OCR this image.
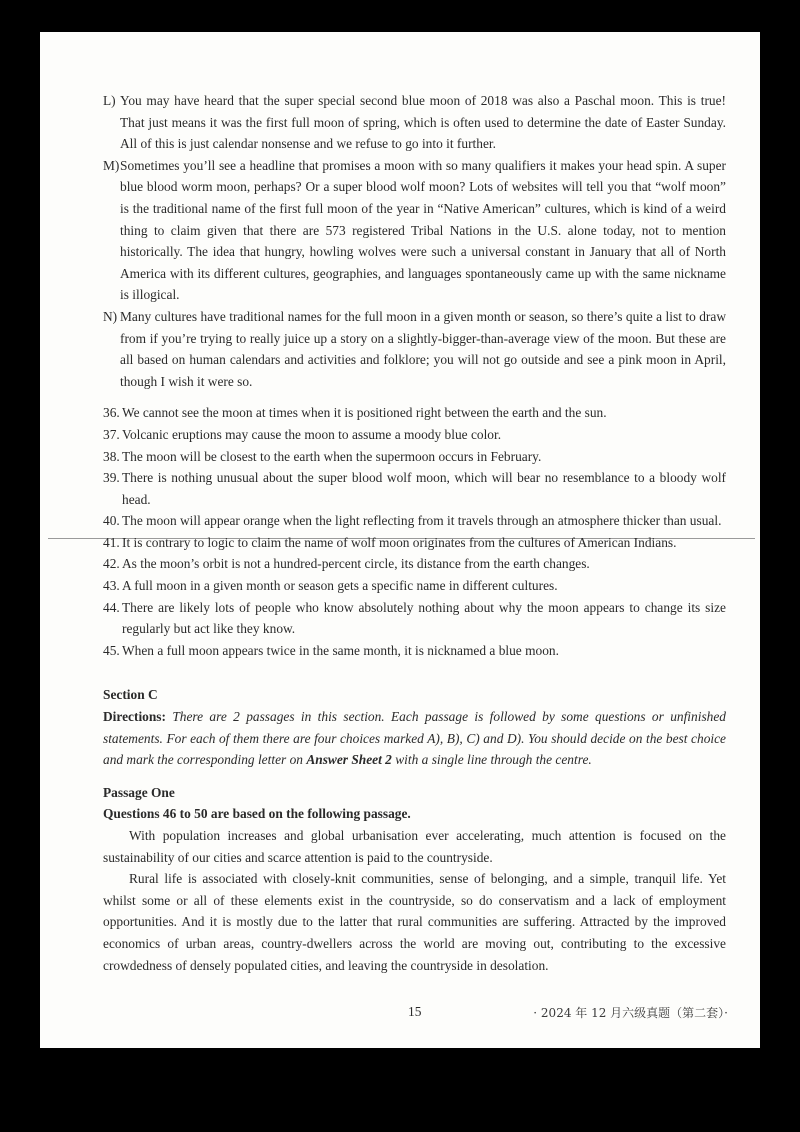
L) You may have heard that the super special second blue moon of 2018 was also a Paschal moon. This is true! That just means it was the first full moon of spring, which is often used to determine the date of Easter Sunday. All of this is just calendar nonsense and we refuse to go into it further.
M) Sometimes you’ll see a headline that promises a moon with so many qualifiers it makes your head spin. A super blue blood worm moon, perhaps? Or a super blood wolf moon? Lots of websites will tell you that “wolf moon” is the traditional name of the first full moon of the year in “Native American” cultures, which is kind of a weird thing to claim given that there are 573 registered Tribal Nations in the U.S. alone today, not to mention historically. The idea that hungry, howling wolves were such a universal constant in January that all of North America with its different cultures, geographies, and languages spontaneously came up with the same nickname is illogical.
N) Many cultures have traditional names for the full moon in a given month or season, so there’s quite a list to draw from if you’re trying to really juice up a story on a slightly-bigger-than-average view of the moon. But these are all based on human calendars and activities and folklore; you will not go outside and see a pink moon in April, though I wish it were so.
36. We cannot see the moon at times when it is positioned right between the earth and the sun.
37. Volcanic eruptions may cause the moon to assume a moody blue color.
38. The moon will be closest to the earth when the supermoon occurs in February.
39. There is nothing unusual about the super blood wolf moon, which will bear no resemblance to a bloody wolf head.
40. The moon will appear orange when the light reflecting from it travels through an atmosphere thicker than usual.
41. It is contrary to logic to claim the name of wolf moon originates from the cultures of American Indians.
42. As the moon’s orbit is not a hundred-percent circle, its distance from the earth changes.
43. A full moon in a given month or season gets a specific name in different cultures.
44. There are likely lots of people who know absolutely nothing about why the moon appears to change its size regularly but act like they know.
45. When a full moon appears twice in the same month, it is nicknamed a blue moon.
Section C
Directions: There are 2 passages in this section. Each passage is followed by some questions or unfinished statements. For each of them there are four choices marked A), B), C) and D). You should decide on the best choice and mark the corresponding letter on Answer Sheet 2 with a single line through the centre.
Passage One
Questions 46 to 50 are based on the following passage.
With population increases and global urbanisation ever accelerating, much attention is focused on the sustainability of our cities and scarce attention is paid to the countryside.
Rural life is associated with closely-knit communities, sense of belonging, and a simple, tranquil life. Yet whilst some or all of these elements exist in the countryside, so do conservatism and a lack of employment opportunities. And it is mostly due to the latter that rural communities are suffering. Attracted by the improved economics of urban areas, country-dwellers across the world are moving out, contributing to the excessive crowdedness of densely populated cities, and leaving the countryside in desolation.
15	· 2024 年 12 月六级真题（第二套）·
